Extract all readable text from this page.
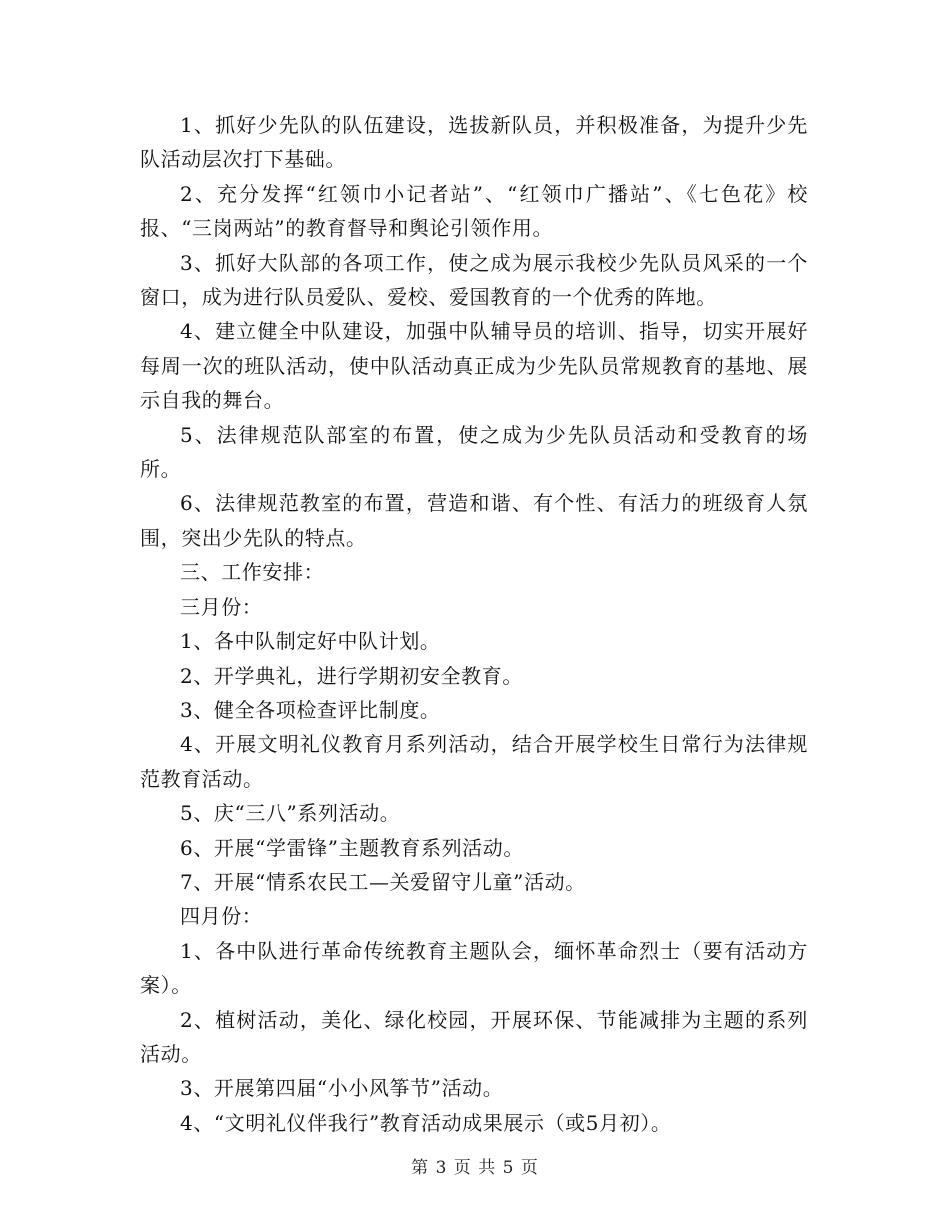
1、抓好少先队的队伍建设，选拔新队员，并积极准备，为提升少先队活动层次打下基础。

2、充分发挥“红领巾小记者站”、“红领巾广播站”、《七色花》校报、“三岗两站”的教育督导和舆论引领作用。

3、抓好大队部的各项工作，使之成为展示我校少先队员风采的一个窗口，成为进行队员爱队、爱校、爱国教育的一个优秀的阵地。

4、建立健全中队建设，加强中队辅导员的培训、指导，切实开展好每周一次的班队活动，使中队活动真正成为少先队员常规教育的基地、展示自我的舞台。

5、法律规范队部室的布置，使之成为少先队员活动和受教育的场所。

6、法律规范教室的布置，营造和谐、有个性、有活力的班级育人氛围，突出少先队的特点。

三、工作安排：

三月份：

1、各中队制定好中队计划。

2、开学典礼，进行学期初安全教育。

3、健全各项检查评比制度。

4、开展文明礼仪教育月系列活动，结合开展学校生日常行为法律规范教育活动。

5、庆“三八”系列活动。

6、开展“学雷锋”主题教育系列活动。

7、开展“情系农民工—关爱留守儿童”活动。

四月份：

1、各中队进行革命传统教育主题队会，缅怀革命烈士（要有活动方案）。

2、植树活动，美化、绿化校园，开展环保、节能减排为主题的系列活动。

3、开展第四届“小小风筝节”活动。

4、“文明礼仪伴我行”教育活动成果展示（或5月初）。

第 3 页 共 5 页
